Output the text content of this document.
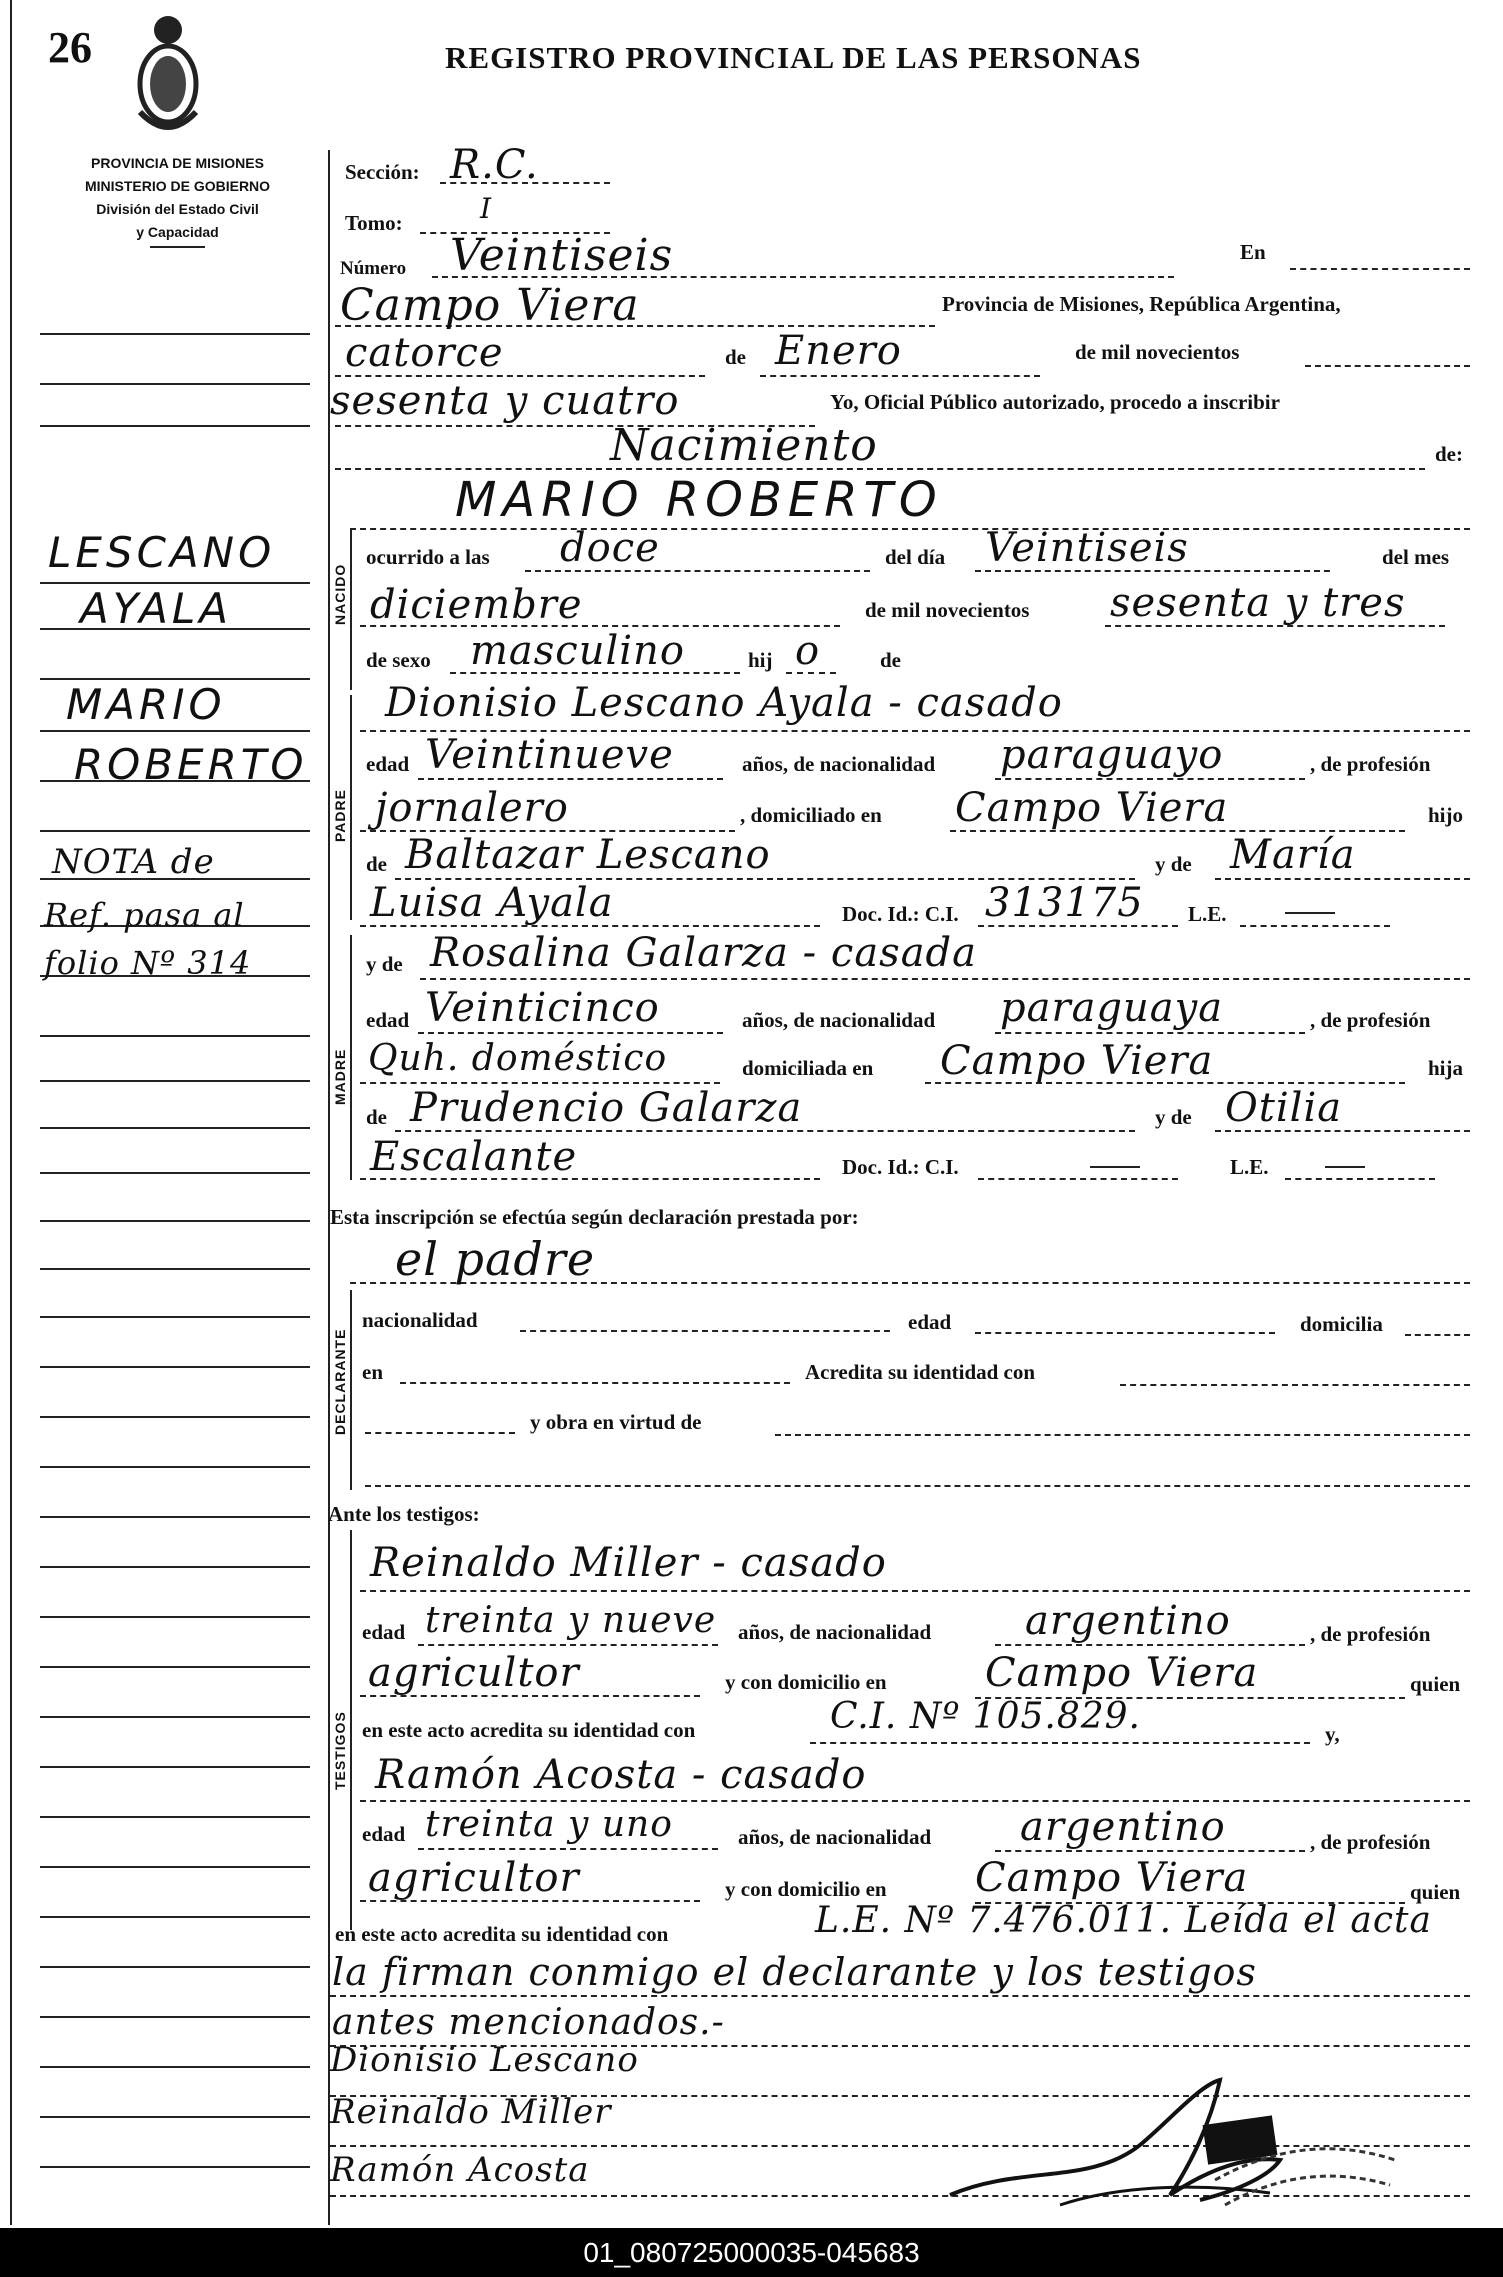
26	REGISTRO PROVINCIAL DE LAS PERSONAS
PROVINCIA DE MISIONES
MINISTERIO DE GOBIERNO
División del Estado Civil
y Capacidad
LESCANO
AYALA
MARIO
ROBERTO
NOTA de
Ref. pasa al
folio Nº 314
Sección: R.C.
Tomo:	I
Número Veintiseis	En
Campo Viera	Provincia de Misiones, República Argentina,
catorce	de Enero	de mil novecientos
sesenta y cuatro	Yo, Oficial Público autorizado, procedo a inscribir
Nacimiento	de:
MARIO ROBERTO
NACIDO
ocurrido a las doce	del día Veintiseis	del mes
diciembre	de mil novecientos sesenta y tres
de sexo masculino	hij o	de
PADRE
Dionisio Lescano Ayala - casado
edad Veintinueve	años, de nacionalidad paraguayo	, de profesión
jornalero	, domiciliado en Campo Viera	hijo
de Baltazar Lescano	y de María
Luisa Ayala	Doc. Id.: C.I. 313175 L.E.
MADRE
y de Rosalina Galarza - casada
edad Veinticinco	años, de nacionalidad paraguaya	, de profesión
Quh. doméstico	domiciliada en Campo Viera	hija
de Prudencio Galarza	y de Otilia
Escalante	Doc. Id.: C.I.	L.E.
Esta inscripción se efectúa según declaración prestada por:
el padre
DECLARANTE
nacionalidad	edad	domicilia
en	Acredita su identidad con
y obra en virtud de
Ante los testigos:
TESTIGOS
Reinaldo Miller - casado
edad treinta y nueve años, de nacionalidad argentino	, de profesión
agricultor	y con domicilio en Campo Viera	quien
en este acto acredita su identidad con	C.I. Nº 105.829.	y,
Ramón Acosta - casado
edad treinta y uno	años, de nacionalidad argentino	, de profesión
agricultor	y con domicilio en Campo Viera	quien
en este acto acredita su identidad con	L.E. Nº 7.476.011. Leída el acta
la firman conmigo el declarante y los testigos
antes mencionados.-
Dionisio Lescano
Reinaldo Miller
Ramón Acosta
01_080725000035-045683
